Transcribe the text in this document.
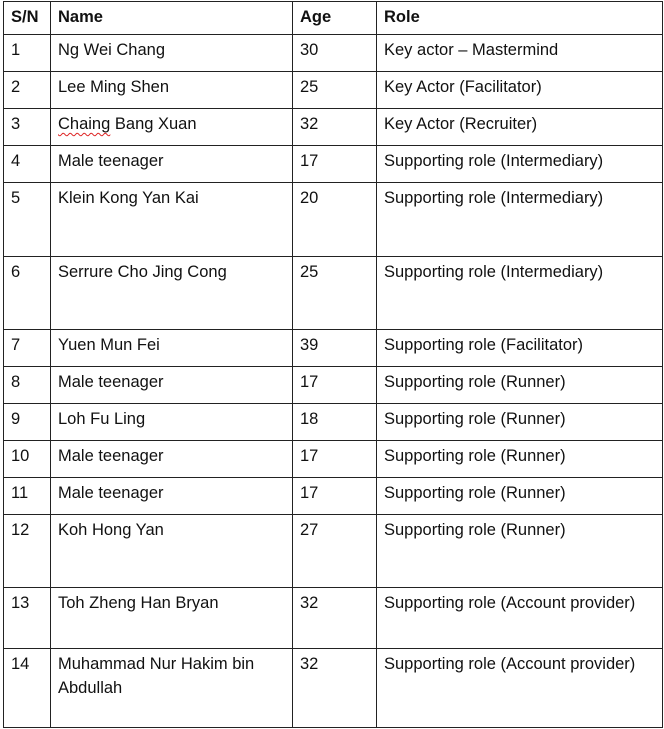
S/N	Name	Age	Role
1	Ng Wei Chang	30	Key actor – Mastermind
2	Lee Ming Shen	25	Key Actor (Facilitator)
3	Chaing Bang Xuan	32	Key Actor (Recruiter)
4	Male teenager	17	Supporting role (Intermediary)
5	Klein Kong Yan Kai	20	Supporting role (Intermediary)
6	Serrure Cho Jing Cong	25	Supporting role (Intermediary)
7	Yuen Mun Fei	39	Supporting role (Facilitator)
8	Male teenager	17	Supporting role (Runner)
9	Loh Fu Ling	18	Supporting role (Runner)
10	Male teenager	17	Supporting role (Runner)
11	Male teenager	17	Supporting role (Runner)
12	Koh Hong Yan	27	Supporting role (Runner)
13	Toh Zheng Han Bryan	32	Supporting role (Account provider)
14	Muhammad Nur Hakim bin Abdullah	32	Supporting role (Account provider)
